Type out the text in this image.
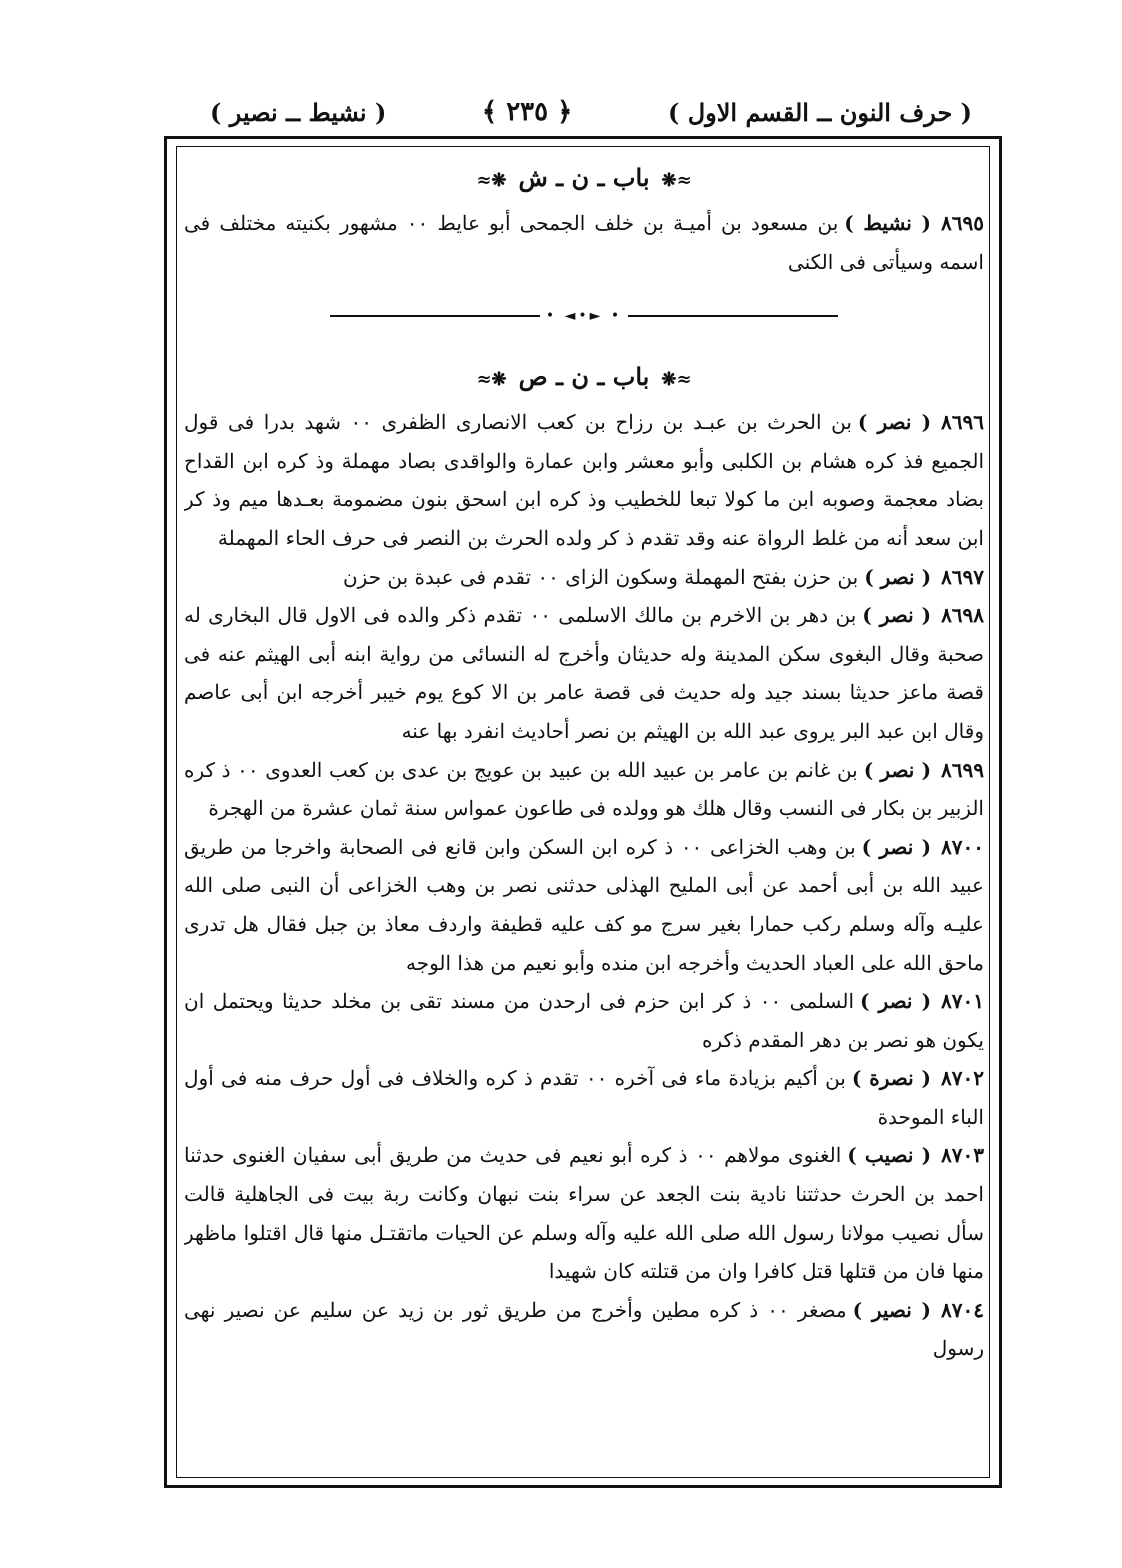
( حرف النون ــ القسم الاول )
﴿ ٢٣٥ ﴾
( نشيط ــ نصير )
≈❋باب ـ ن ـ ش❋≈

٨٦٩٥( نشيط )بن مسعود بن أميـة بن خلف الجمحى أبو عايط ٠٠ مشهور بكنيته مختلف فى اسمه وسيأتى فى الكنى

• ◄•► •
≈❋باب ـ ن ـ ص❋≈

٨٦٩٦( نصر )بن الحرث بن عبـد بن رزاح بن كعب الانصارى الظفرى ٠٠ شهد بدرا فى قول الجميع فذ كره هشام بن الكلبى وأبو معشر وابن عمارة والواقدى بصاد مهملة وذ كره ابن القداح بضاد معجمة وصوبه ابن ما كولا تبعا للخطيب وذ كره ابن اسحق بنون مضمومة بعـدها ميم وذ كر ابن سعد أنه من غلط الرواة عنه وقد تقدم ذ كر ولده الحرث بن النصر فى حرف الحاء المهملة

٨٦٩٧( نصر )بن حزن بفتح المهملة وسكون الزاى ٠٠ تقدم فى عبدة بن حزن

٨٦٩٨( نصر )بن دهر بن الاخرم بن مالك الاسلمى ٠٠ تقدم ذكر والده فى الاول قال البخارى له صحبة وقال البغوى سكن المدينة وله حديثان وأخرج له النسائى من رواية ابنه أبى الهيثم عنه فى قصة ماعز حديثا بسند جيد وله حديث فى قصة عامر بن الا كوع يوم خيبر أخرجه ابن أبى عاصم وقال ابن عبد البر يروى عبد الله بن الهيثم بن نصر أحاديث انفرد بها عنه

٨٦٩٩( نصر )بن غانم بن عامر بن عبيد الله بن عبيد بن عويج بن عدى بن كعب العدوى ٠٠ ذ كره الزبير بن بكار فى النسب وقال هلك هو وولده فى طاعون عمواس سنة ثمان عشرة من الهجرة

٨٧٠٠( نصر )بن وهب الخزاعى ٠٠ ذ كره ابن السكن وابن قانع فى الصحابة واخرجا من طريق عبيد الله بن أبى أحمد عن أبى المليح الهذلى حدثنى نصر بن وهب الخزاعى أن النبى صلى الله عليـه وآله وسلم ركب حمارا بغير سرج مو كف عليه قطيفة واردف معاذ بن جبل فقال هل تدرى ماحق الله على العباد الحديث وأخرجه ابن منده وأبو نعيم من هذا الوجه

٨٧٠١( نصر )السلمى ٠٠ ذ كر ابن حزم فى ارحدن من مسند تقى بن مخلد حديثا ويحتمل ان يكون هو نصر بن دهر المقدم ذكره

٨٧٠٢( نصرة )بن أكيم بزيادة ماء فى آخره ٠٠ تقدم ذ كره والخلاف فى أول حرف منه فى أول الباء الموحدة

٨٧٠٣( نصيب )الغنوى مولاهم ٠٠ ذ كره أبو نعيم فى حديث من طريق أبى سفيان الغنوى حدثنا احمد بن الحرث حدثتنا نادية بنت الجعد عن سراء بنت نبهان وكانت ربة بيت فى الجاهلية قالت سأل نصيب مولانا رسول الله صلى الله عليه وآله وسلم عن الحيات ماتقتـل منها قال اقتلوا ماظهر منها فان من قتلها قتل كافرا وان من قتلته كان شهيدا

٨٧٠٤( نصير )مصغر ٠٠ ذ كره مطين وأخرج من طريق ثور بن زيد عن سليم عن نصير نهى رسول
